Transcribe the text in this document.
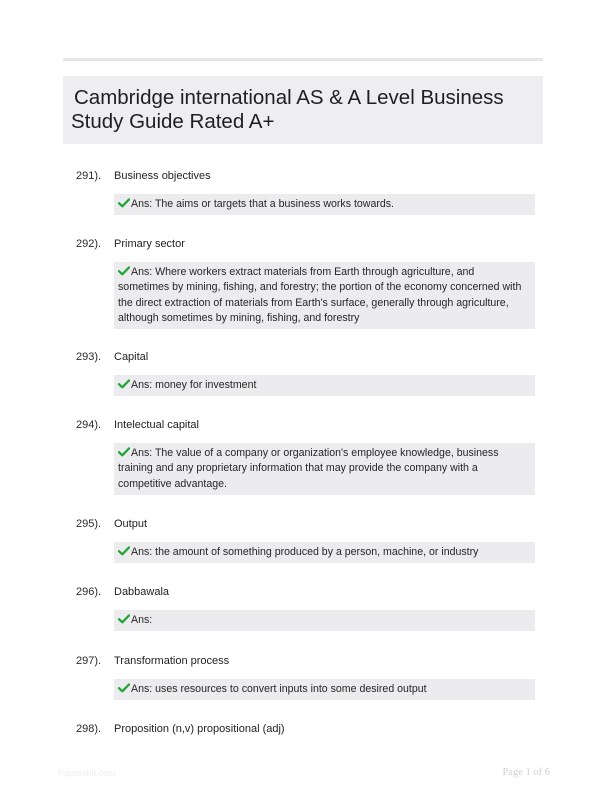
Cambridge international AS & A Level Business
Study Guide Rated A+
291). Business objectives
Ans: The aims or targets that a business works towards.
292). Primary sector
Ans: Where workers extract materials from Earth through agriculture, and
sometimes by mining, fishing, and forestry; the portion of the economy concerned with
the direct extraction of materials from Earth's surface, generally through agriculture,
although sometimes by mining, fishing, and forestry
293). Capital
Ans: money for investment
294). Intelectual capital
Ans: The value of a company or organization's employee knowledge, business
training and any proprietary information that may provide the company with a
competitive advantage.
295). Output
Ans: the amount of something produced by a person, machine, or industry
296). Dabbawala
Ans:
297). Transformation process
Ans: uses resources to convert inputs into some desired output
298). Proposition (n,v) propositional (adj)
Papersbit.com	Page 1 of 6
